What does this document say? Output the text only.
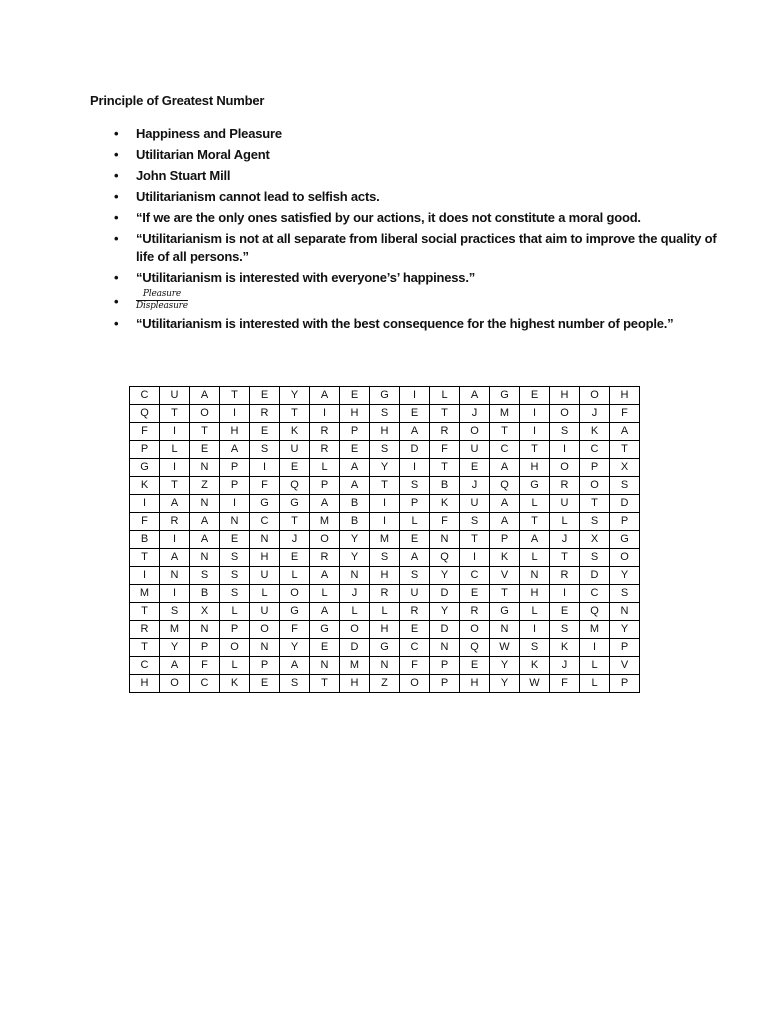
Principle of Greatest Number
• Happiness and Pleasure
• Utilitarian Moral Agent
• John Stuart Mill
• Utilitarianism cannot lead to selfish acts.
• “If we are the only ones satisfied by our actions, it does not constitute a moral good.
• “Utilitarianism is not at all separate from liberal social practices that aim to improve the quality of life of all persons.”
• “Utilitarianism is interested with everyone’s’ happiness.”
• $\frac{\text{Pleasure}}{\text{Displeasure}}$
• “Utilitarianism is interested with the best consequence for the highest number of people.”
C	U	A	T	E	Y	A	E	G	I	L	A	G	E	H	O	H
Q	T	O	I	R	T	I	H	S	E	T	J	M	I	O	J	F
F	I	T	H	E	K	R	P	H	A	R	O	T	I	S	K	A
P	L	E	A	S	U	R	E	S	D	F	U	C	T	I	C	T
G	I	N	P	I	E	L	A	Y	I	T	E	A	H	O	P	X
K	T	Z	P	F	Q	P	A	T	S	B	J	Q	G	R	O	S
I	A	N	I	G	G	A	B	I	P	K	U	A	L	U	T	D
F	R	A	N	C	T	M	B	I	L	F	S	A	T	L	S	P
B	I	A	E	N	J	O	Y	M	E	N	T	P	A	J	X	G
T	A	N	S	H	E	R	Y	S	A	Q	I	K	L	T	S	O
I	N	S	S	U	L	A	N	H	S	Y	C	V	N	R	D	Y
M	I	B	S	L	O	L	J	R	U	D	E	T	H	I	C	S
T	S	X	L	U	G	A	L	L	R	Y	R	G	L	E	Q	N
R	M	N	P	O	F	G	O	H	E	D	O	N	I	S	M	Y
T	Y	P	O	N	Y	E	D	G	C	N	Q	W	S	K	I	P
C	A	F	L	P	A	N	M	N	F	P	E	Y	K	J	L	V
H	O	C	K	E	S	T	H	Z	O	P	H	Y	W	F	L	P
